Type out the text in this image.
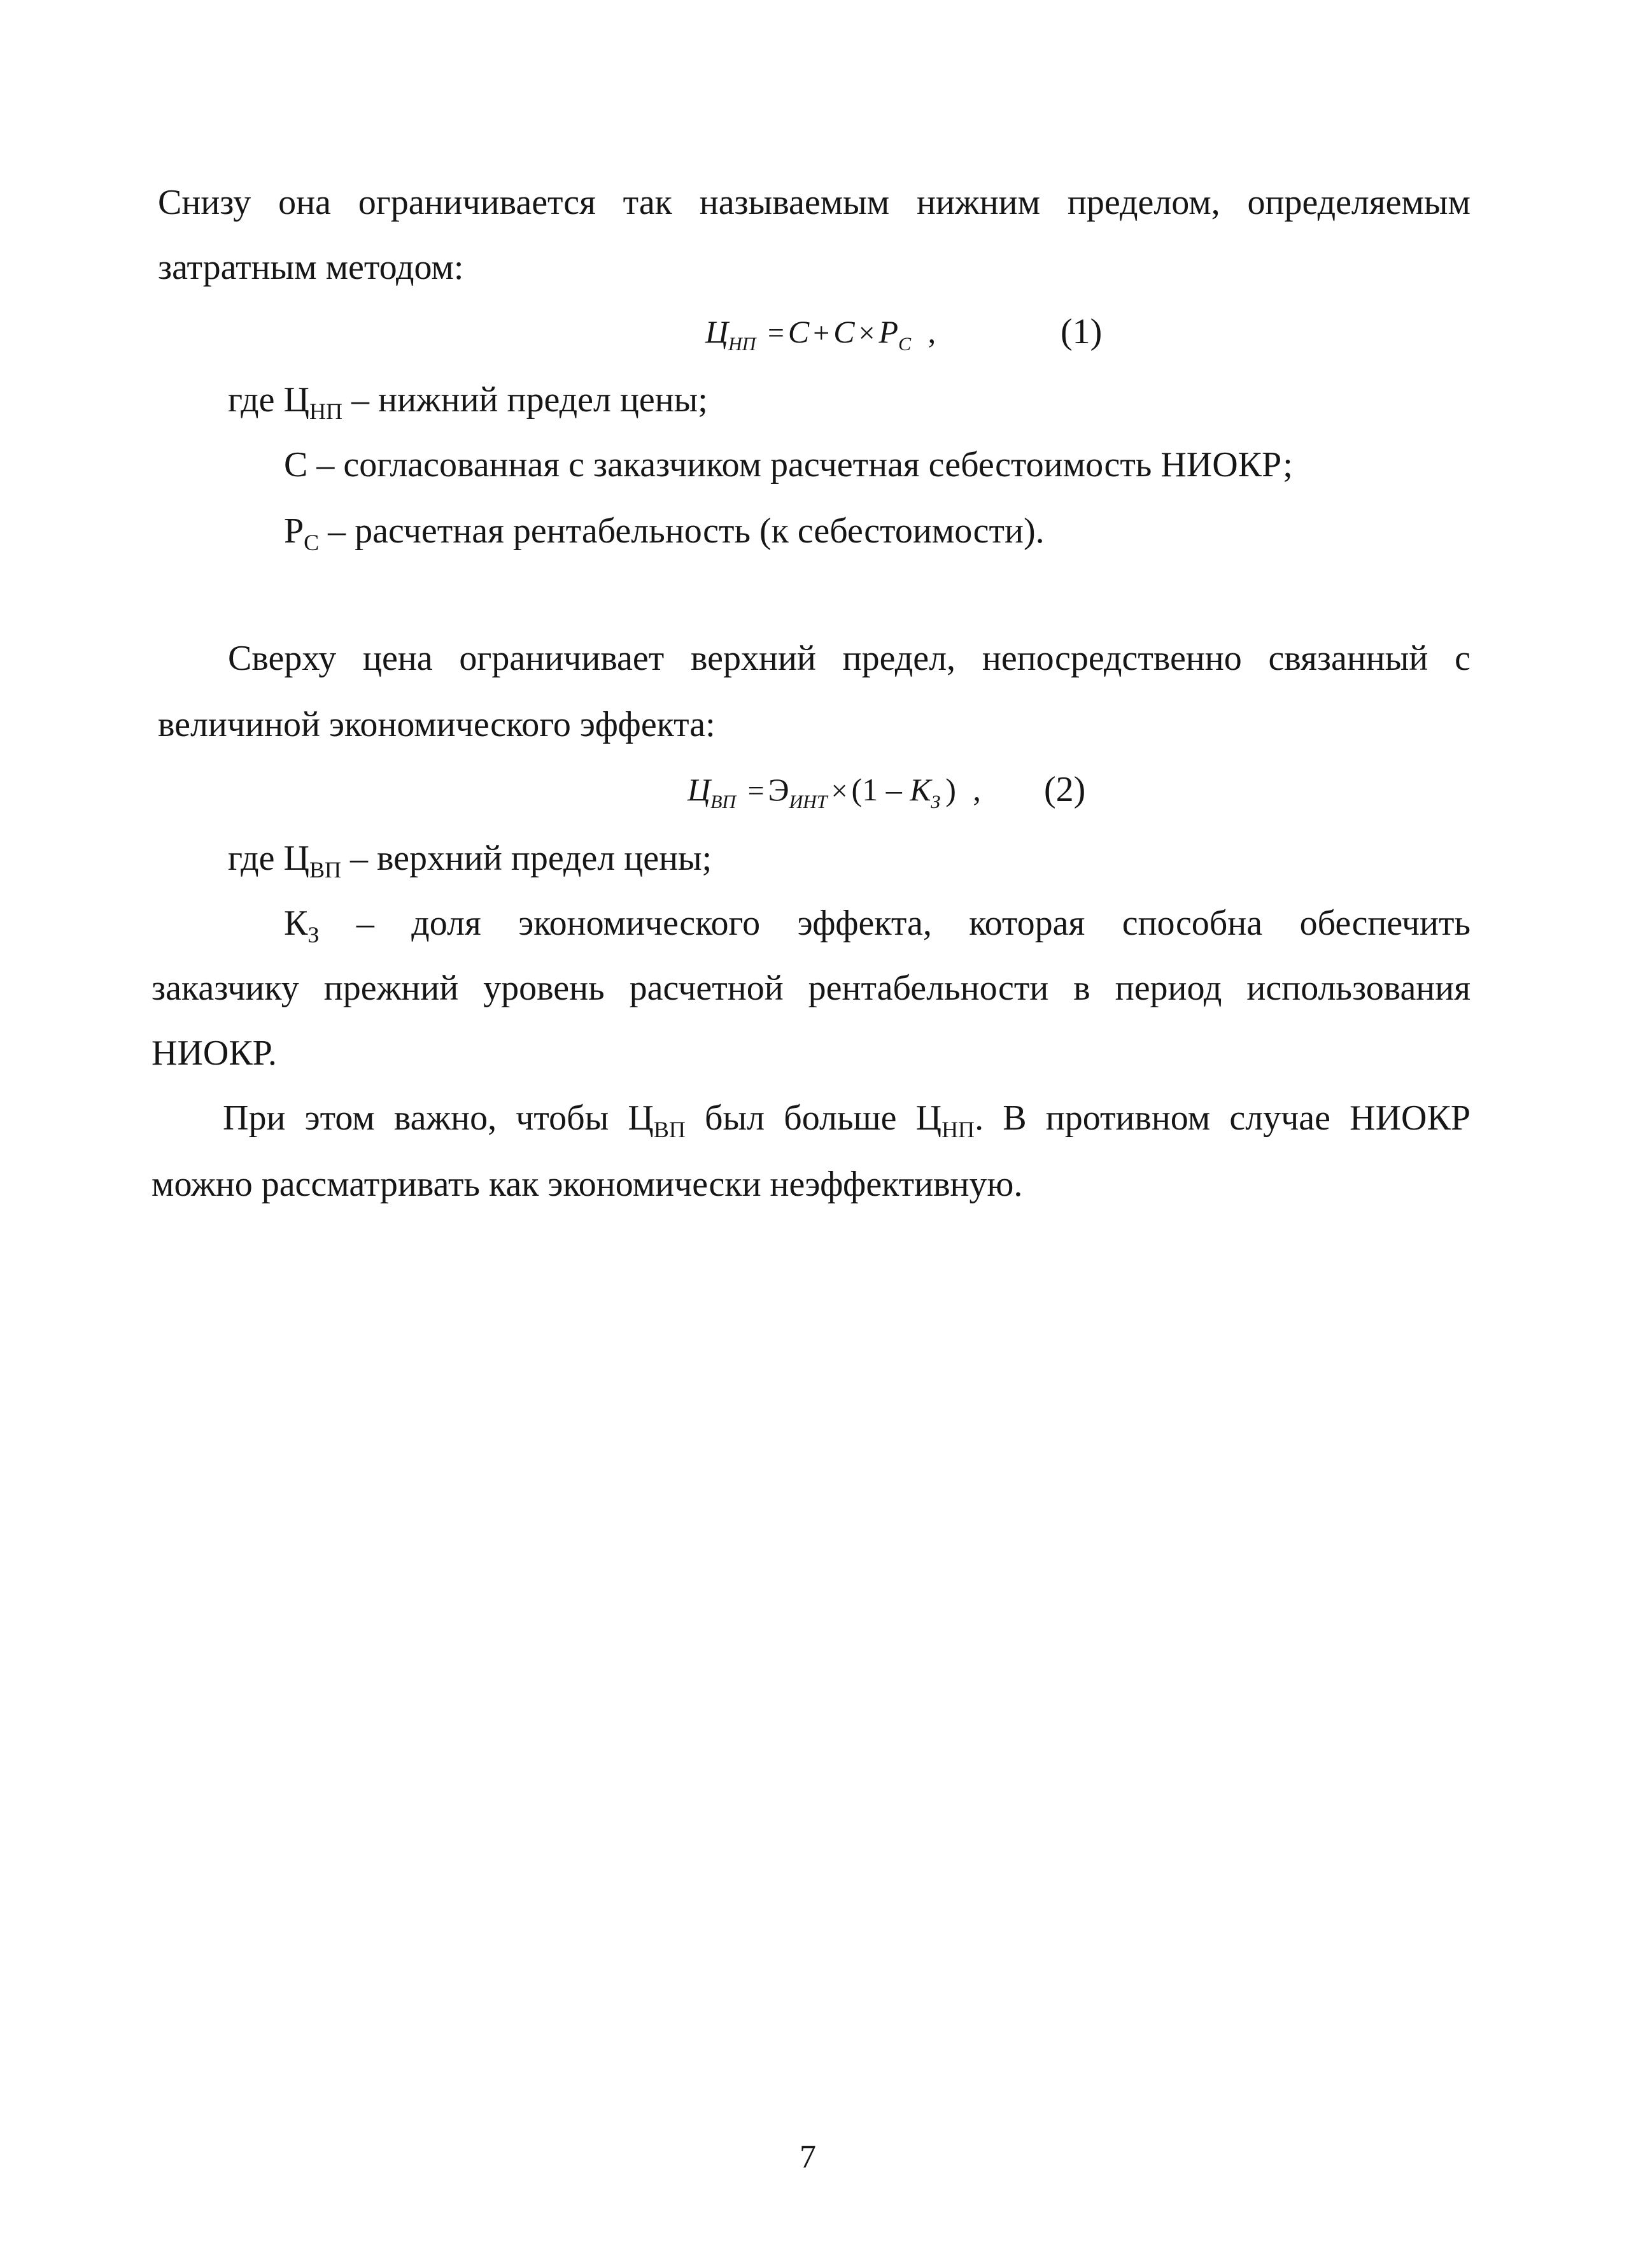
Снизу она ограничивается так называемым нижним пределом, определяемым
затратным методом:
$Ц_{НП} = С + С \times Р_С$ ,	(1)
где $Ц_{НП}$ – нижний предел цены;
С – согласованная с заказчиком расчетная себестоимость НИОКР;
$Р_С$ – расчетная рентабельность (к себестоимости).
Сверху цена ограничивает верхний предел, непосредственно связанный с
величиной экономического эффекта:
$Ц_{ВП} = Э_{ИНТ} \times (1 - К_З$ ) , (2)
где $Ц_{ВП}$ – верхний предел цены;
$К_З$ – доля экономического эффекта, которая способна обеспечить
заказчику прежний уровень расчетной рентабельности в период использования
НИОКР.
При этом важно, чтобы $Ц_{ВП}$ был больше $Ц_{НП}$. В противном случае НИОКР
можно рассматривать как экономически неэффективную.
7
